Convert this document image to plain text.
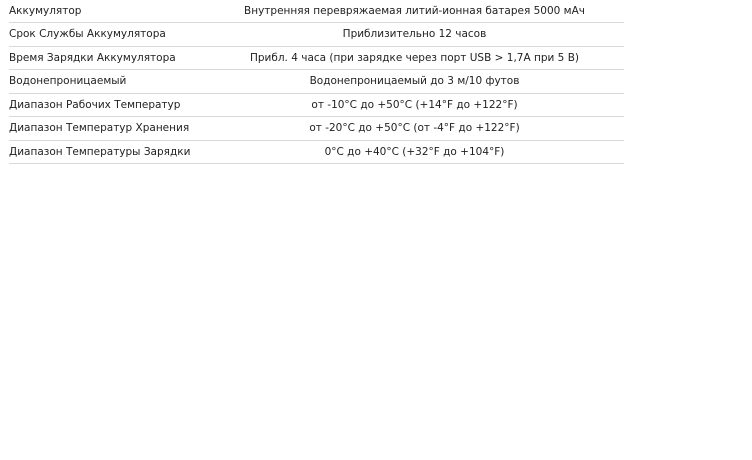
Аккумулятор	Внутренняя перевряжаемая литий-ионная батарея 5000 мАч
Срок Службы Аккумулятора	Приблизительно 12 часов
Время Зарядки Аккумулятора	Прибл. 4 часа (при зарядке через порт USB > 1,7A при 5 В)
Водонепроницаемый	Водонепроницаемый до 3 м/10 футов
Диапазон Рабочих Температур	от -10°C до +50°C (+14°F до +122°F)
Диапазон Температур Хранения	от -20°C до +50°C (от -4°F до +122°F)
Диапазон Температуры Зарядки	0°C до +40°C (+32°F до +104°F)
